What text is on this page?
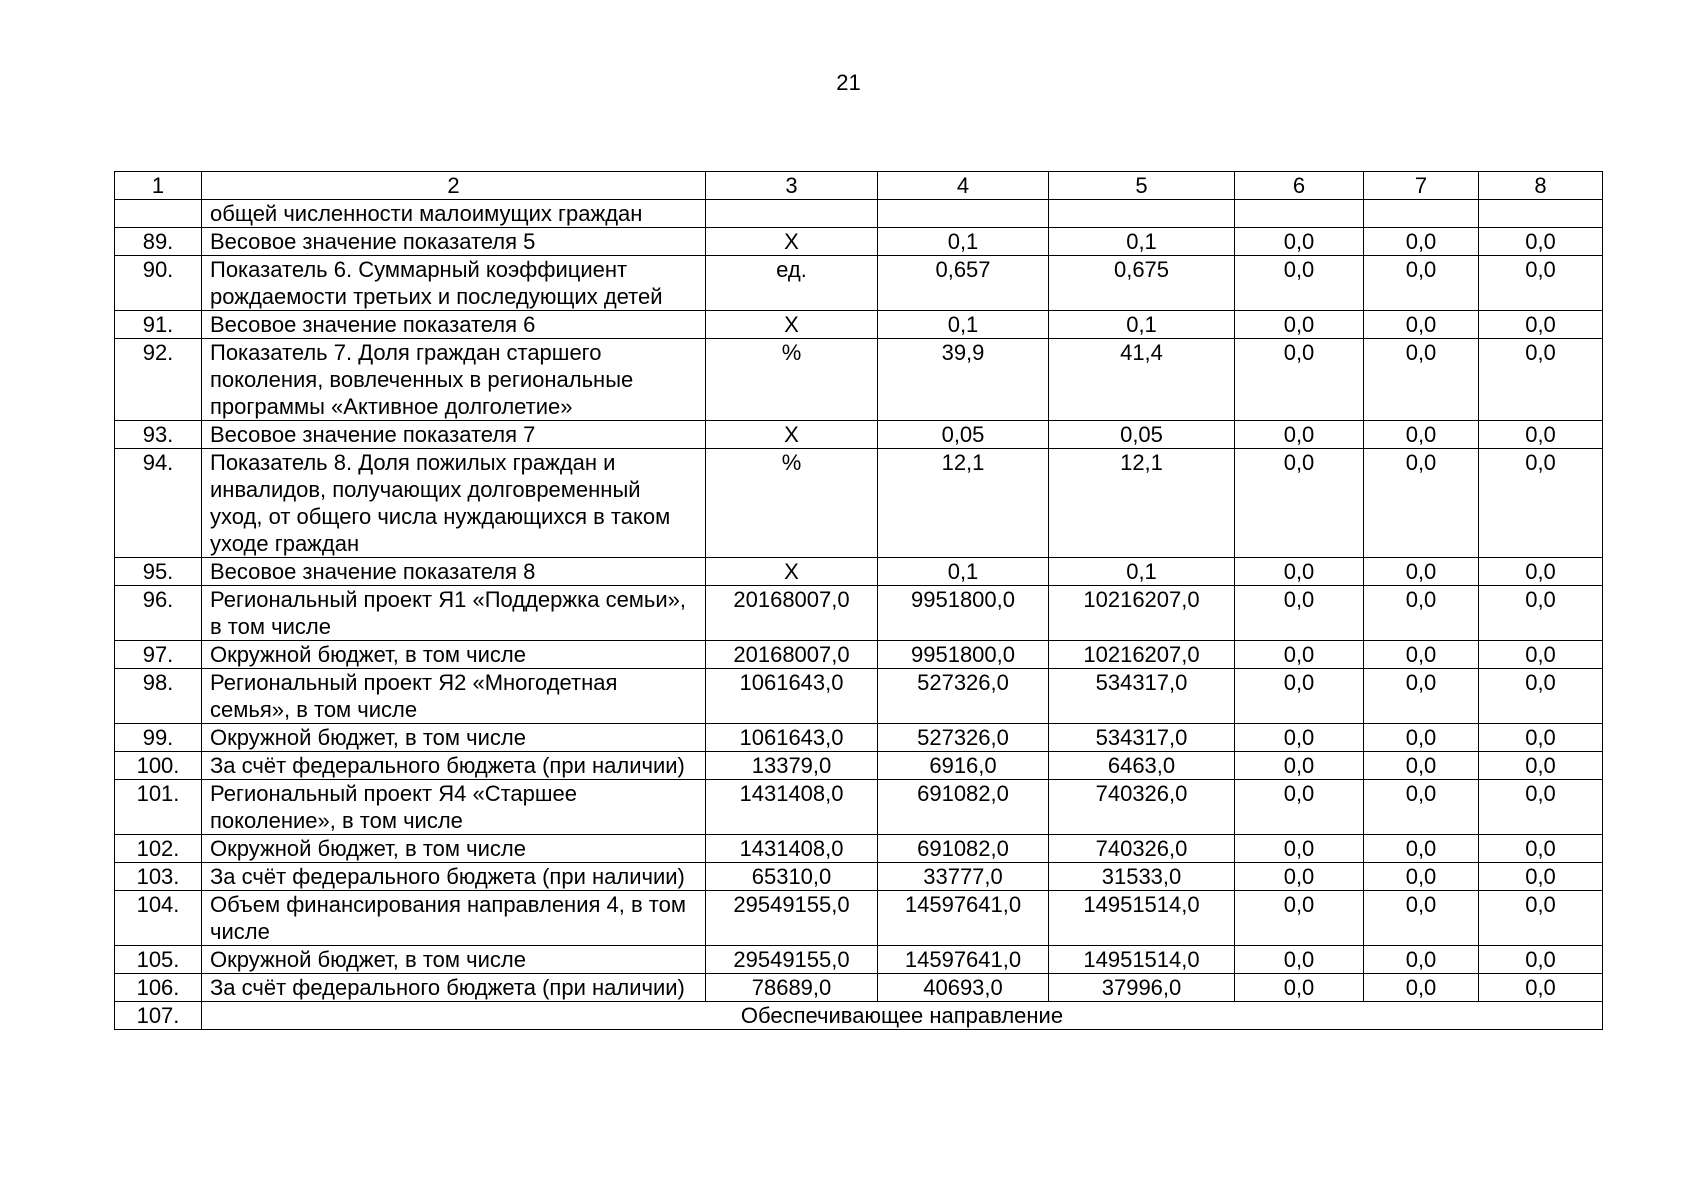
21
1	2	3	4	5	6	7	8
	общей численности малоимущих граждан						
89.	Весовое значение показателя 5	X	0,1	0,1	0,0	0,0	0,0
90.	Показатель 6. Суммарный коэффициент рождаемости третьих и последующих детей	ед.	0,657	0,675	0,0	0,0	0,0
91.	Весовое значение показателя 6	X	0,1	0,1	0,0	0,0	0,0
92.	Показатель 7. Доля граждан старшего поколения, вовлеченных в региональные программы «Активное долголетие»	%	39,9	41,4	0,0	0,0	0,0
93.	Весовое значение показателя 7	X	0,05	0,05	0,0	0,0	0,0
94.	Показатель 8. Доля пожилых граждан и инвалидов, получающих долговременный уход, от общего числа нуждающихся в таком уходе граждан	%	12,1	12,1	0,0	0,0	0,0
95.	Весовое значение показателя 8	X	0,1	0,1	0,0	0,0	0,0
96.	Региональный проект Я1 «Поддержка семьи», в том числе	20168007,0	9951800,0	10216207,0	0,0	0,0	0,0
97.	Окружной бюджет, в том числе	20168007,0	9951800,0	10216207,0	0,0	0,0	0,0
98.	Региональный проект Я2 «Многодетная семья», в том числе	1061643,0	527326,0	534317,0	0,0	0,0	0,0
99.	Окружной бюджет, в том числе	1061643,0	527326,0	534317,0	0,0	0,0	0,0
100.	За счёт федерального бюджета (при наличии)	13379,0	6916,0	6463,0	0,0	0,0	0,0
101.	Региональный проект Я4 «Старшее поколение», в том числе	1431408,0	691082,0	740326,0	0,0	0,0	0,0
102.	Окружной бюджет, в том числе	1431408,0	691082,0	740326,0	0,0	0,0	0,0
103.	За счёт федерального бюджета (при наличии)	65310,0	33777,0	31533,0	0,0	0,0	0,0
104.	Объем финансирования направления 4, в том числе	29549155,0	14597641,0	14951514,0	0,0	0,0	0,0
105.	Окружной бюджет, в том числе	29549155,0	14597641,0	14951514,0	0,0	0,0	0,0
106.	За счёт федерального бюджета (при наличии)	78689,0	40693,0	37996,0	0,0	0,0	0,0
107.	Обеспечивающее направление						
